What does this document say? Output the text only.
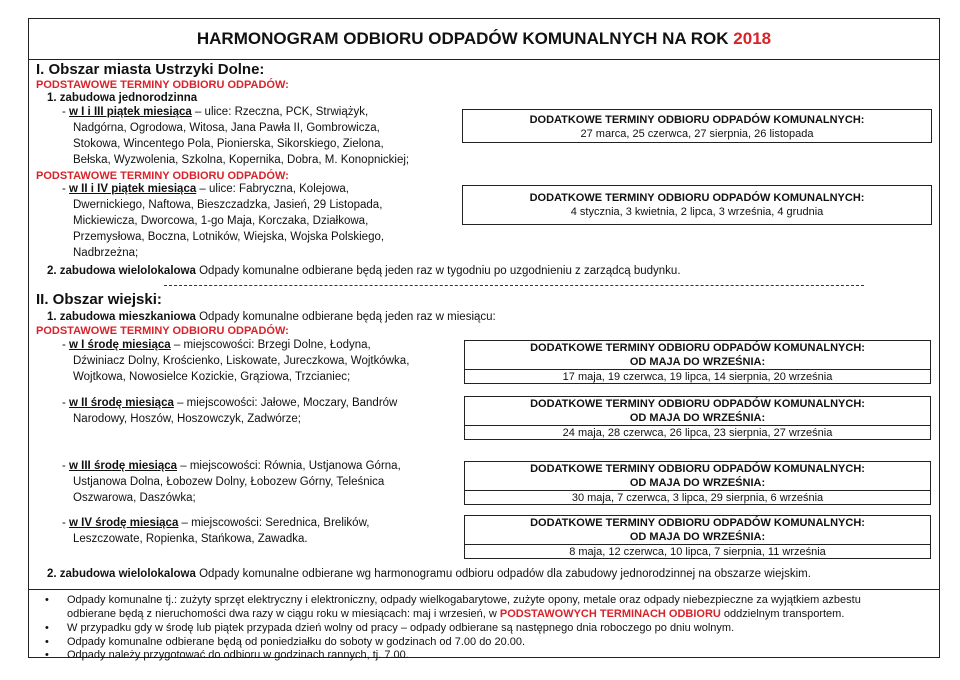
HARMONOGRAM ODBIORU ODPADÓW KOMUNALNYCH NA ROK 2018
I. Obszar miasta Ustrzyki Dolne:
PODSTAWOWE TERMINY ODBIORU ODPADÓW:
1. zabudowa jednorodzinna
- w I i III piątek miesiąca – ulice: Rzeczna, PCK, Strwiążyk,
Nadgórna, Ogrodowa, Witosa, Jana Pawła II, Gombrowicza,
Stokowa, Wincentego Pola, Pionierska, Sikorskiego, Zielona,
Bełska, Wyzwolenia, Szkolna, Kopernika, Dobra, M. Konopnickiej;
DODATKOWE TERMINY ODBIORU ODPADÓW KOMUNALNYCH:
27 marca, 25 czerwca, 27 sierpnia, 26 listopada
PODSTAWOWE TERMINY ODBIORU ODPADÓW:
- w II i IV piątek miesiąca – ulice: Fabryczna, Kolejowa,
Dwernickiego, Naftowa, Bieszczadzka, Jasień, 29 Listopada,
Mickiewicza, Dworcowa, 1-go Maja, Korczaka, Działkowa,
Przemysłowa, Boczna, Lotników, Wiejska, Wojska Polskiego,
Nadbrzeżna;
DODATKOWE TERMINY ODBIORU ODPADÓW KOMUNALNYCH:
4 stycznia, 3 kwietnia, 2 lipca, 3 września, 4 grudnia
2. zabudowa wielolokalowa Odpady komunalne odbierane będą jeden raz w tygodniu po uzgodnieniu z zarządcą budynku.
II. Obszar wiejski:
1. zabudowa mieszkaniowa Odpady komunalne odbierane będą jeden raz w miesiącu:
PODSTAWOWE TERMINY ODBIORU ODPADÓW:
- w I środę miesiąca – miejscowości: Brzegi Dolne, Łodyna,
Dźwiniacz Dolny, Krościenko, Liskowate, Jureczkowa, Wojtkówka,
Wojtkowa, Nowosielce Kozickie, Grąziowa, Trzcianiec;
DODATKOWE TERMINY ODBIORU ODPADÓW KOMUNALNYCH:
OD MAJA DO WRZEŚNIA:
17 maja, 19 czerwca, 19 lipca, 14 sierpnia, 20 września
- w II środę miesiąca – miejscowości: Jałowe, Moczary, Bandrów
Narodowy, Hoszów, Hoszowczyk, Zadwórze;
DODATKOWE TERMINY ODBIORU ODPADÓW KOMUNALNYCH:
OD MAJA DO WRZEŚNIA:
24 maja, 28 czerwca, 26 lipca, 23 sierpnia, 27 września
- w III środę miesiąca – miejscowości: Równia, Ustjanowa Górna,
Ustjanowa Dolna, Łobozew Dolny, Łobozew Górny, Teleśnica
Oszwarowa, Daszówka;
DODATKOWE TERMINY ODBIORU ODPADÓW KOMUNALNYCH:
OD MAJA DO WRZEŚNIA:
30 maja, 7 czerwca, 3 lipca, 29 sierpnia, 6 września
- w IV środę miesiąca – miejscowości: Serednica, Brelików,
Leszczowate, Ropienka, Stańkowa, Zawadka.
DODATKOWE TERMINY ODBIORU ODPADÓW KOMUNALNYCH:
OD MAJA DO WRZEŚNIA:
8 maja, 12 czerwca, 10 lipca, 7 sierpnia, 11 września
2. zabudowa wielolokalowa Odpady komunalne odbierane wg harmonogramu odbioru odpadów dla zabudowy jednorodzinnej na obszarze wiejskim.
• Odpady komunalne tj.: zużyty sprzęt elektryczny i elektroniczny, odpady wielkogabarytowe, zużyte opony, metale oraz odpady niebezpieczne za wyjątkiem azbestu
odbierane będą z nieruchomości dwa razy w ciągu roku w miesiącach: maj i wrzesień, w PODSTAWOWYCH TERMINACH ODBIORU oddzielnym transportem.
• W przypadku gdy w środę lub piątek przypada dzień wolny od pracy – odpady odbierane są następnego dnia roboczego po dniu wolnym.
• Odpady komunalne odbierane będą od poniedziałku do soboty w godzinach od 7.00 do 20.00.
• Odpady należy przygotować do odbioru w godzinach rannych, tj. 7.00.
